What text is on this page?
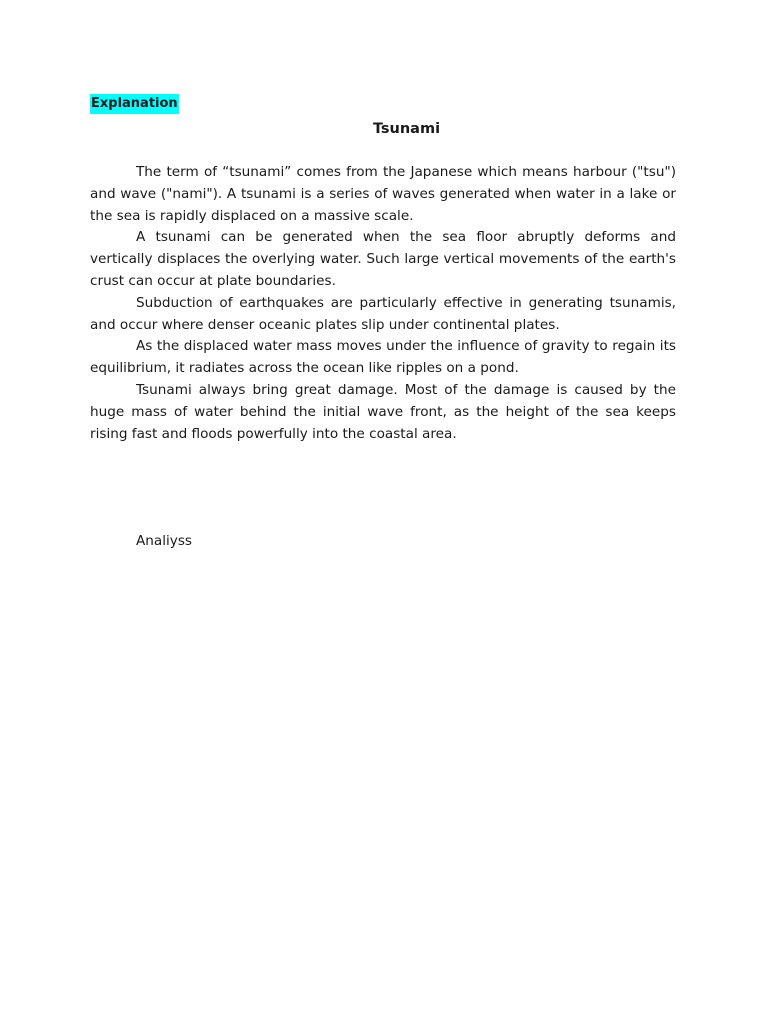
Explanation
Tsunami

The term of “tsunami” comes from the Japanese which means harbour ("tsu") and wave ("nami"). A tsunami is a series of waves generated when water in a lake or the sea is rapidly displaced on a massive scale.

A tsunami can be generated when the sea floor abruptly deforms and vertically displaces the overlying water. Such large vertical movements of the earth's crust can occur at plate boundaries.

Subduction of earthquakes are particularly effective in generating tsunamis, and occur where denser oceanic plates slip under continental plates.

As the displaced water mass moves under the influence of gravity to regain its equilibrium, it radiates across the ocean like ripples on a pond.

Tsunami always bring great damage. Most of the damage is caused by the huge mass of water behind the initial wave front, as the height of the sea keeps rising fast and floods powerfully into the coastal area.

Analiyss
